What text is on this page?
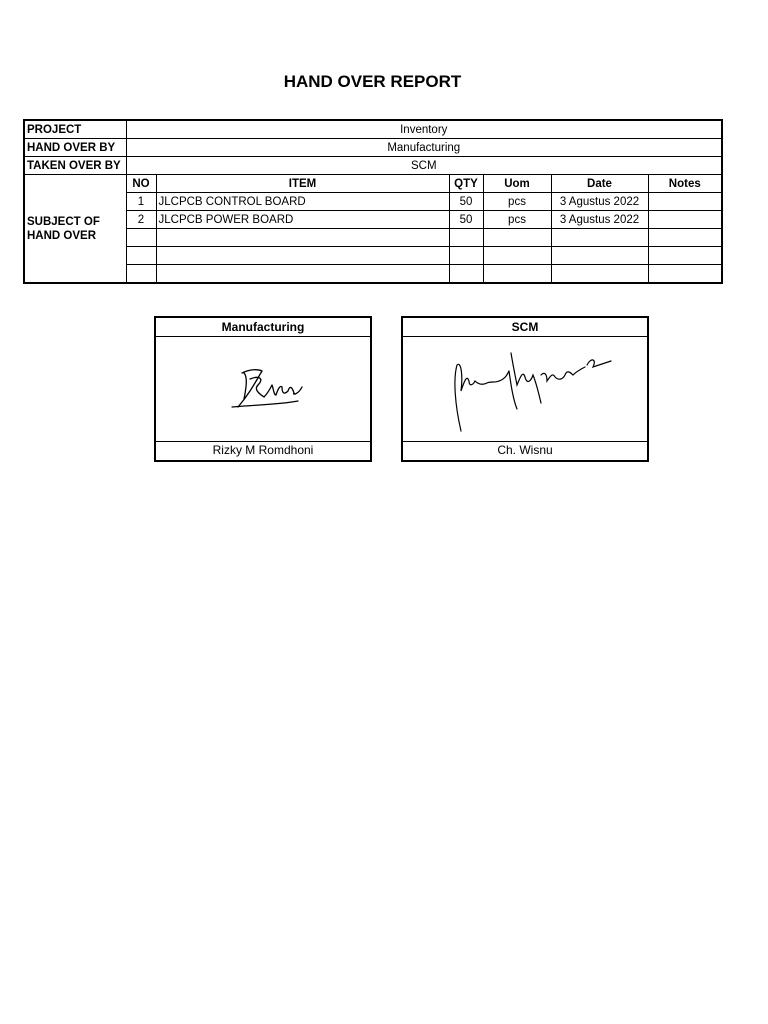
HAND OVER REPORT
PROJECT	Inventory					
HAND OVER BY	Manufacturing					
TAKEN OVER BY	SCM					
SUBJECT OF
HAND OVER	NO	ITEM	QTY	Uom	Date	Notes
	1	JLCPCB CONTROL BOARD	50	pcs	3 Agustus 2022	
	2	JLCPCB POWER BOARD	50	pcs	3 Agustus 2022	

Manufacturing
Rizky M Romdhoni
SCM
Ch. Wisnu
